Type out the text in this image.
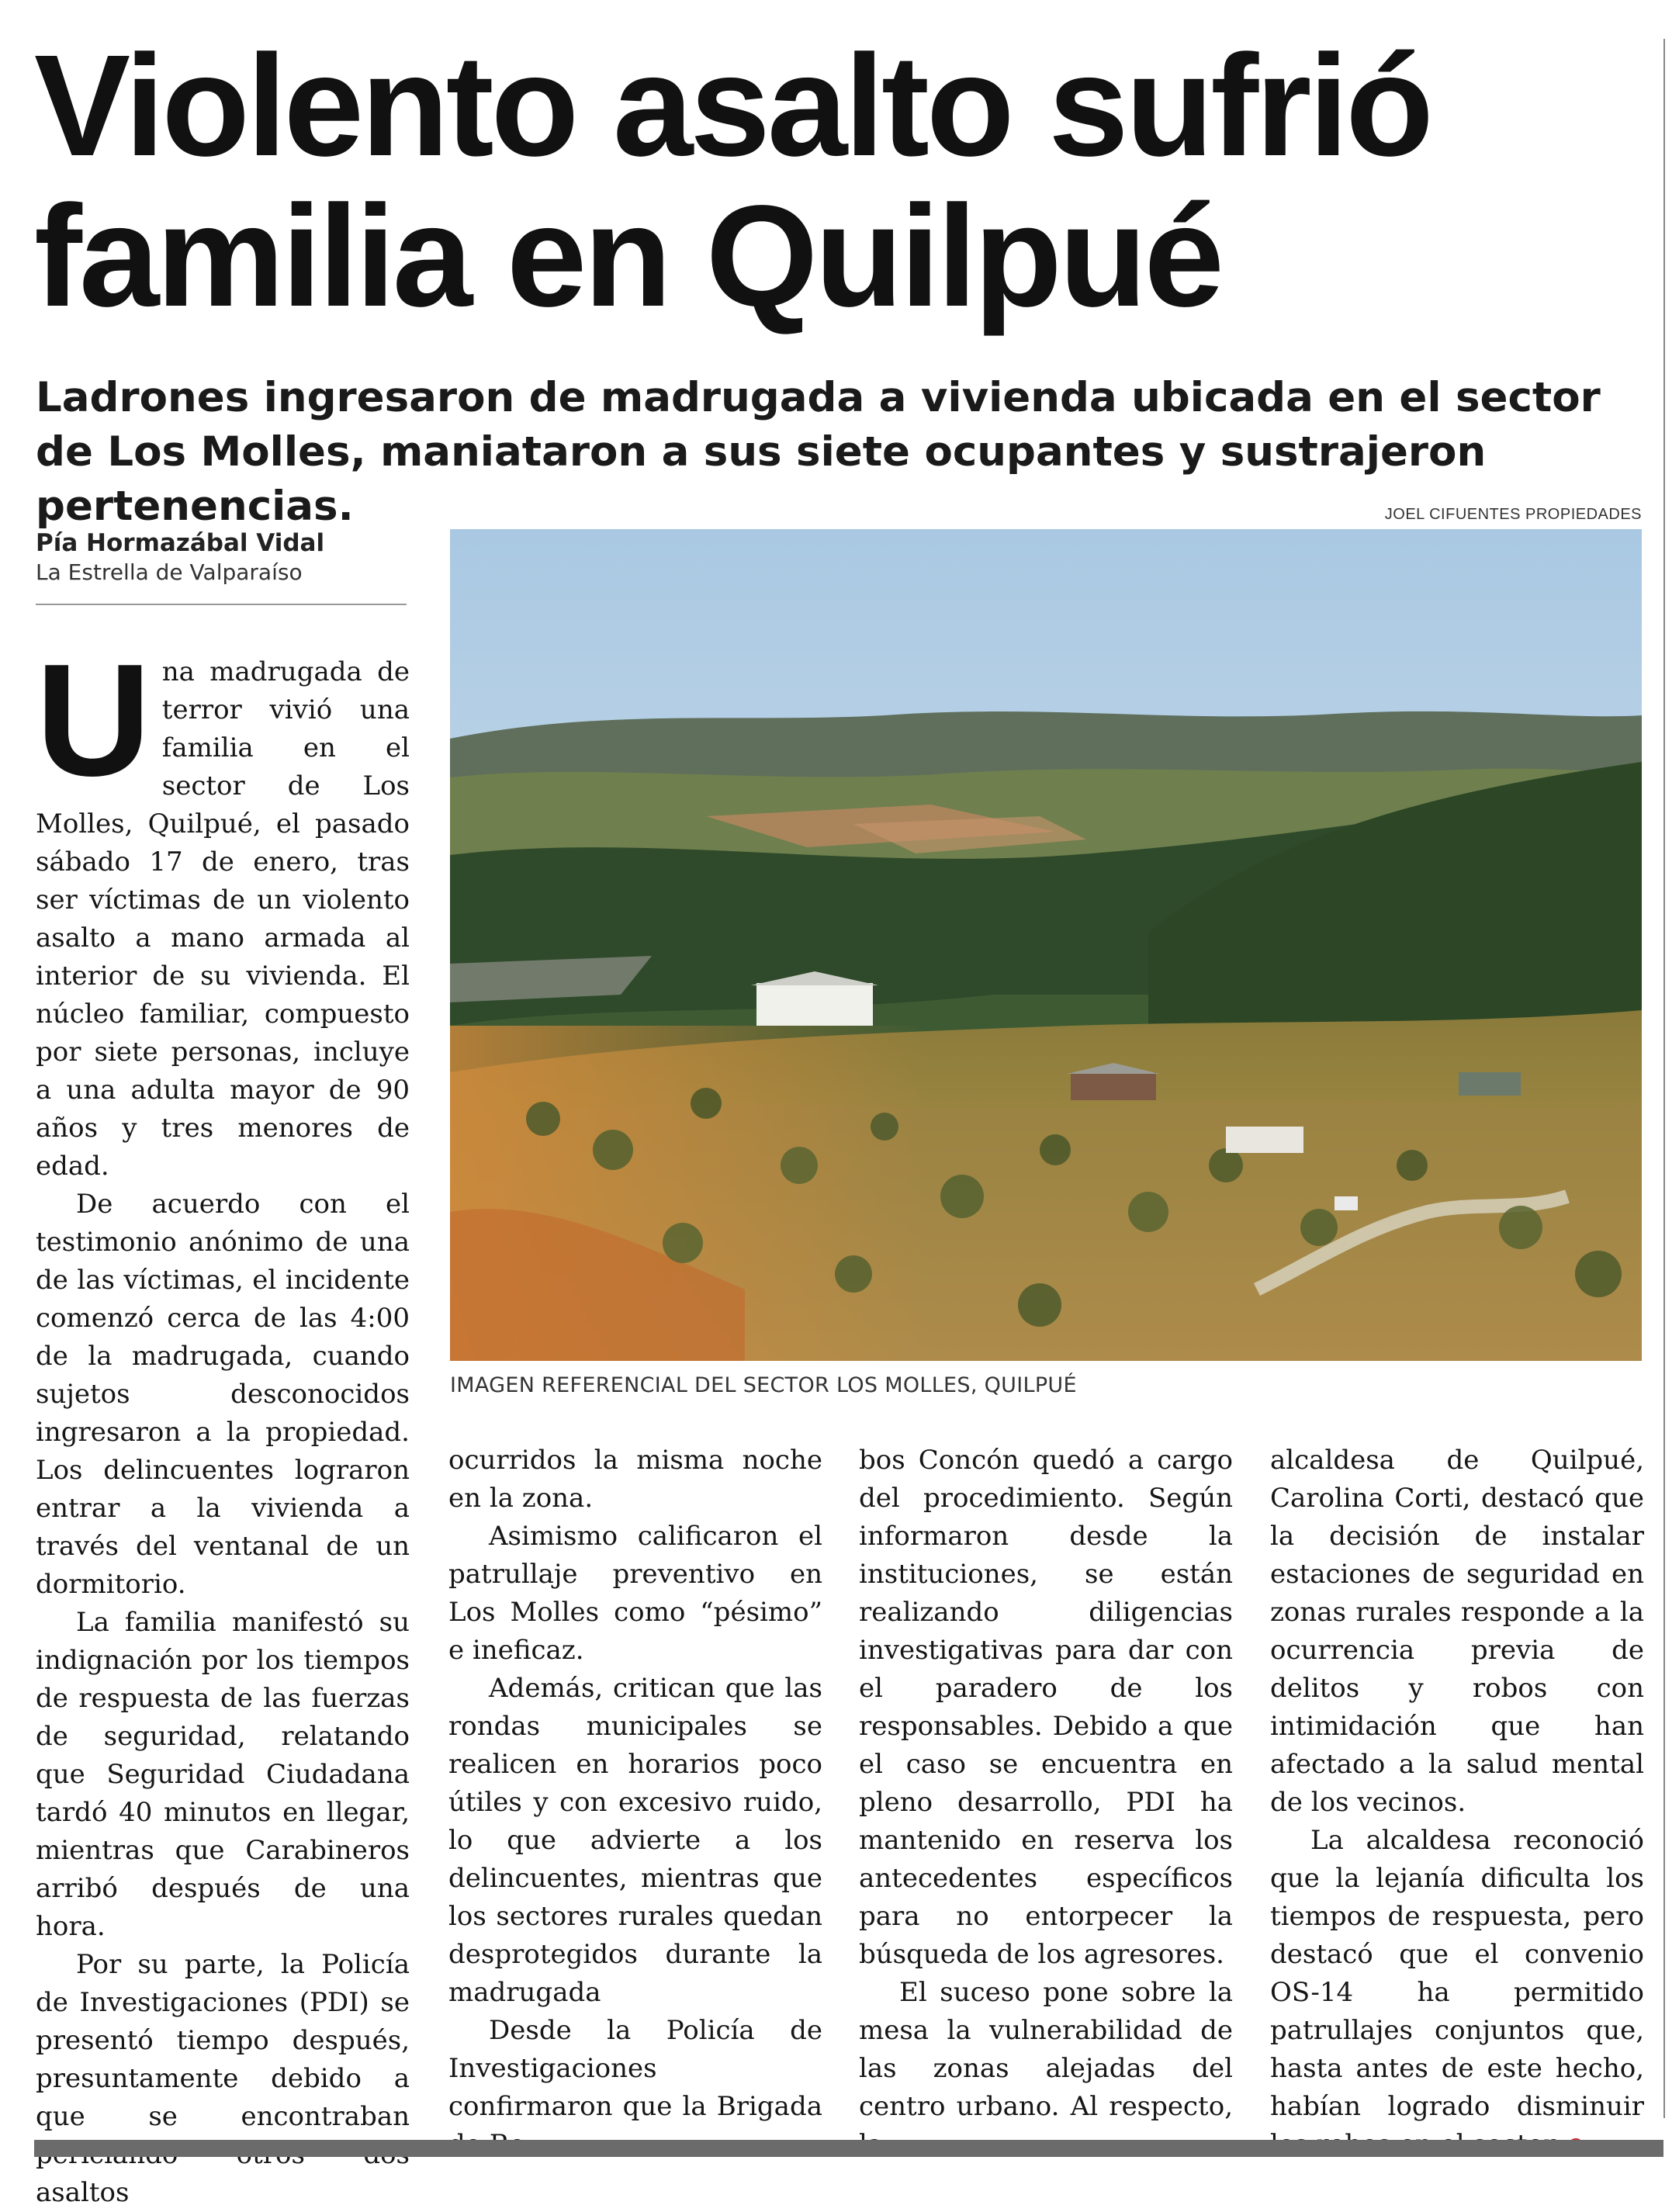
Violento asalto sufrió familia en Quilpué

Ladrones ingresaron de madrugada a vivienda ubicada en el sector de Los Molles, maniataron a sus siete ocupantes y sustrajeron pertenencias.	JOEL CIFUENTES PROPIEDADES
Pía Hormazábal Vidal
La Estrella de Valparaíso
IMAGEN REFERENCIAL DEL SECTOR LOS MOLLES, QUILPUÉ

Una madrugada de terror vivió una familia en el sector de Los Molles, Quilpué, el pasado sábado 17 de enero, tras ser víctimas de un violento asalto a mano armada al interior de su vivienda. El núcleo familiar, compuesto por siete personas, incluye a una adulta mayor de 90 años y tres menores de edad.

De acuerdo con el testimonio anónimo de una de las víctimas, el incidente comenzó cerca de las 4:00 de la madrugada, cuando sujetos desconocidos ingresaron a la propiedad. Los delincuentes lograron entrar a la vivienda a través del ventanal de un dormitorio.

La familia manifestó su indignación por los tiempos de respuesta de las fuerzas de seguridad, relatando que Seguridad Ciudadana tardó 40 minutos en llegar, mientras que Carabineros arribó después de una hora.

Por su parte, la Policía de Investigaciones (PDI) se presentó tiempo después, presuntamente debido a que se encontraban asaltos

ocurridos la misma noche en la zona.

Asimismo calificaron el patrullaje preventivo en Los Molles como “pésimo” e ineficaz.

Además, critican que las rondas municipales se realicen en horarios poco útiles y con excesivo ruido, lo que advierte a los delincuentes, mientras que los sectores rurales quedan desprotegidos durante la madrugada

Desde la Policía de Investigaciones confirmaron que la Brigada

bos Concón quedó a cargo del procedimiento. Según informaron desde la instituciones, se están realizando diligencias investigativas para dar con el paradero de los responsables. Debido a que el caso se encuentra en pleno desarrollo, PDI ha mantenido en reserva los antecedentes específicos para no entorpecer la búsqueda de los agresores.

El suceso pone sobre la mesa la vulnerabilidad de las zonas alejadas del centro urbano. Al respecto,

alcaldesa de Quilpué, Carolina Corti, destacó que la decisión de instalar estaciones de seguridad en zonas rurales responde a la ocurrencia previa de delitos y robos con intimidación que han afectado a la salud mental de los vecinos.

La alcaldesa reconoció que la lejanía dificulta los tiempos de respuesta, pero destacó que el convenio OS-14 ha permitido patrullajes conjuntos que, hasta antes de este hecho, habían logrado disminuir
